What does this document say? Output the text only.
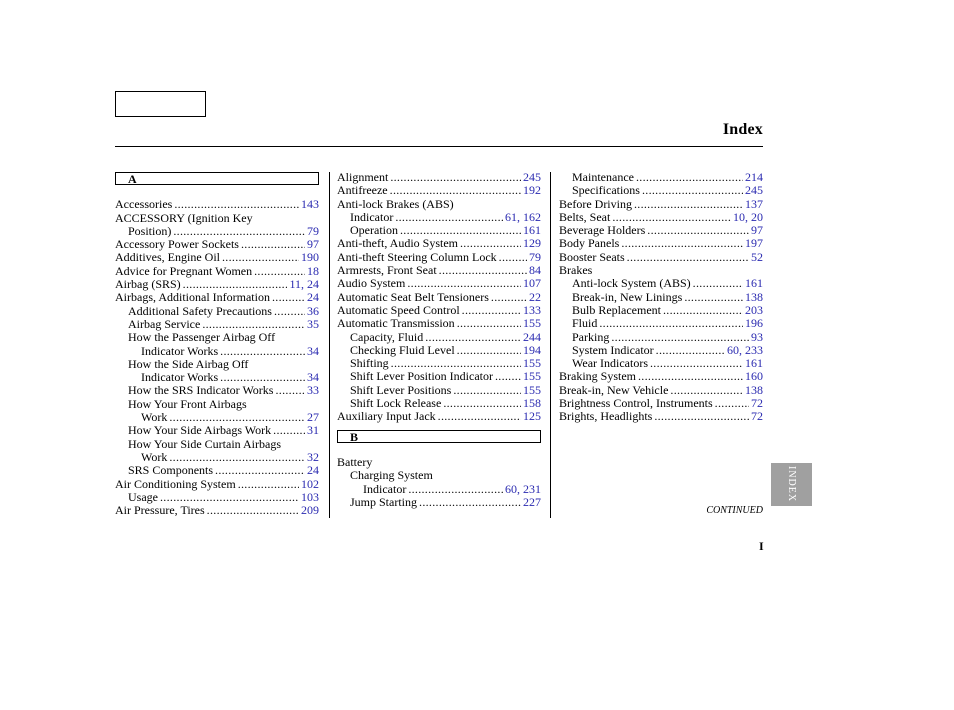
Index
A
Accessories .....	143
ACCESSORY (Ignition Key
Position) .....	79
Accessory Power Sockets .....	97
Additives, Engine Oil .....	190
Advice for Pregnant Women .....	18
Airbag (SRS) .....	11, 24
Airbags, Additional Information .....	24
Additional Safety Precautions .....	36
Airbag Service .....	35
How the Passenger Airbag Off
Indicator Works .....	34
How the Side Airbag Off
Indicator Works .....	34
How the SRS Indicator Works .....	33
How Your Front Airbags
Work .....	27
How Your Side Airbags Work .....	31
How Your Side Curtain Airbags
Work .....	32
SRS Components .....	24
Air Conditioning System .....	102
Usage .....	103
Air Pressure, Tires .....	209
Alignment .....	245
Antifreeze .....	192
Anti-lock Brakes (ABS)
Indicator .....	61, 162
Operation .....	161
Anti-theft, Audio System .....	129
Anti-theft Steering Column Lock .....	79
Armrests, Front Seat .....	84
Audio System .....	107
Automatic Seat Belt Tensioners .....	22
Automatic Speed Control .....	133
Automatic Transmission .....	155
Capacity, Fluid .....	244
Checking Fluid Level .....	194
Shifting .....	155
Shift Lever Position Indicator .....	155
Shift Lever Positions .....	155
Shift Lock Release .....	158
Auxiliary Input Jack .....	125
B
Battery
Charging System
Indicator .....	60, 231
Jump Starting .....	227
Maintenance .....	214
Specifications .....	245
Before Driving .....	137
Belts, Seat .....	10, 20
Beverage Holders .....	97
Body Panels .....	197
Booster Seats .....	52
Brakes
Anti-lock System (ABS) .....	161
Break-in, New Linings .....	138
Bulb Replacement .....	203
Fluid .....	196
Parking .....	93
System Indicator .....	60, 233
Wear Indicators .....	161
Braking System .....	160
Break-in, New Vehicle .....	138
Brightness Control, Instruments .....	72
Brights, Headlights .....	72
CONTINUED
I
INDEX
